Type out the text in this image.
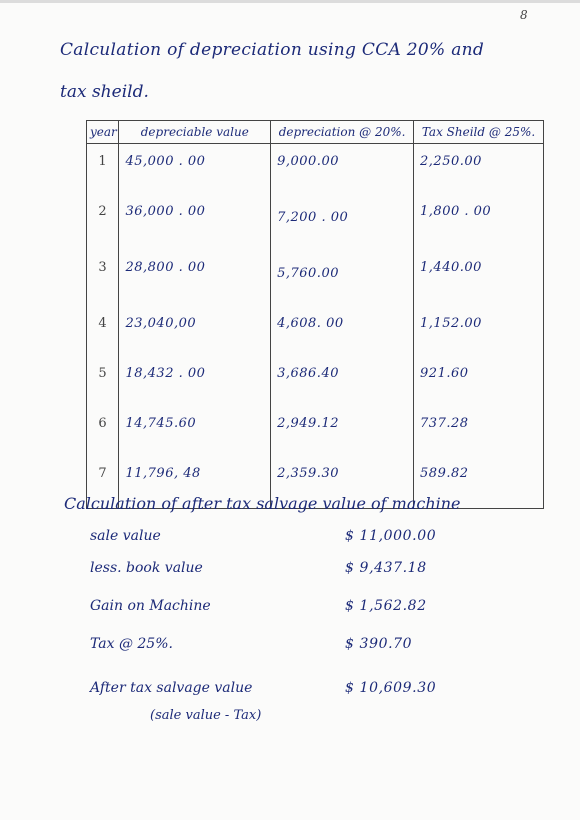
8
Calculation of depreciation using CCA 20% and
tax sheild.
year	depreciable value	depreciation @ 20%.	Tax Sheild @ 25%.
1	45,000 . 00	9,000.00	2,250.00
2	36,000 . 00	7,200 . 00	1,800 . 00
3	28,800 . 00	5,760.00	1,440.00
4	23,040,00	4,608. 00	1,152.00
5	18,432 . 00	3,686.40	921.60
6	14,745.60	2,949.12	737.28
7	11,796, 48	2,359.30	589.82
Calculation of after tax salvage value of machine
sale value	$ 11,000.00
less. book value	$ 9,437.18
Gain on Machine	$ 1,562.82
Tax @ 25%.	$ 390.70
After tax salvage value	$ 10,609.30
(sale value - Tax)
